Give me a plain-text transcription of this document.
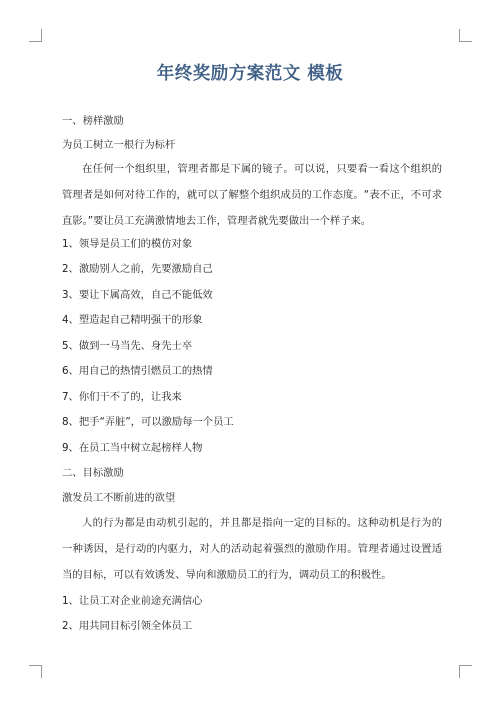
年终奖励方案范文 模板
一、榜样激励
为员工树立一根行为标杆
在任何一个组织里，管理者都是下属的镜子。可以说，只要看一看这个组织的管理者是如何对待工作的，就可以了解整个组织成员的工作态度。“表不正，不可求直影。”要让员工充满激情地去工作，管理者就先要做出一个样子来。
1、领导是员工们的模仿对象
2、激励别人之前，先要激励自己
3、要让下属高效，自己不能低效
4、塑造起自己精明强干的形象
5、做到一马当先、身先士卒
6、用自己的热情引燃员工的热情
7、你们干不了的，让我来
8、把手“弄脏”，可以激励每一个员工
9、在员工当中树立起榜样人物
二、目标激励
激发员工不断前进的欲望
人的行为都是由动机引起的，并且都是指向一定的目标的。这种动机是行为的一种诱因，是行动的内驱力，对人的活动起着强烈的激励作用。管理者通过设置适当的目标，可以有效诱发、导向和激励员工的行为，调动员工的积极性。
1、让员工对企业前途充满信心
2、用共同目标引领全体员工
